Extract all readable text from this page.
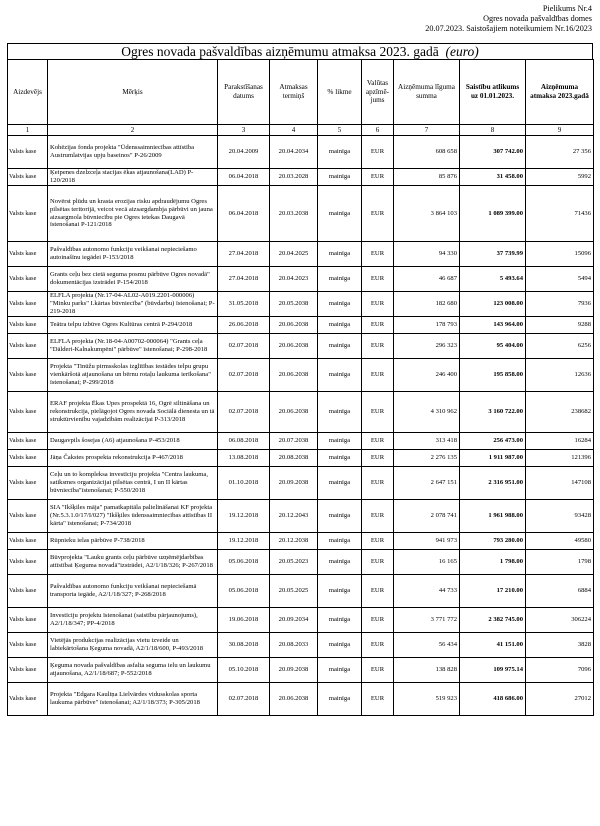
Pielikums Nr.4
Ogres novada pašvaldības domes
20.07.2023. Saistošajiem noteikumiem Nr.16/2023
Ogres novada pašvaldības aizņēmumu atmaksa 2023. gadā (euro)
Aizdevējs	Mērķis	Parakstīšanas datums	Atmaksas termiņš	% likme	Valūtas apzīmē-jums	Aizņēmuma līguma summa	Saistību atlikums uz 01.01.2023.	Aizņēmuma atmaksa 2023.gadā
1	2	3	4	5	6	7	8	9
Valsts kase	Kohēzijas fonda projekta "Ūdenssaimniecības attīstība Austrumlatvijas upju baseinos" P-26/2009	20.04.2009	20.04.2034	mainīga	EUR	608 658	307 742.00	27 356
Valsts kase	Ķeipenes dzelzceļa stacijas ēkas atjaunošana(LAD) P-120/2018	06.04.2018	20.03.2028	mainīga	EUR	85 876	31 458.00	5992
Valsts kase	Novērst plūdu un krasta erozijas risku apdraudējumu Ogres pilsētas teritorijā, veicot vecā aizsargdambja pārbūvi un jauna aizsargmola būvniecību pie Ogres ietekas Daugavā īstenošanai P-121/2018	06.04.2018	20.03.2038	mainīga	EUR	3 864 103	1 089 399.00	71436
Valsts kase	Pašvaldības autonomo funkciju veikšanai nepieciešamo autoinašīnu iegādei P-153/2018	27.04.2018	20.04.2025	mainīga	EUR	94 330	37 739.99	15096
Valsts kase	Grants ceļu bez cietā seguma posmu pārbūve Ogres novadā" dokumentācijas izstrādei P-154/2018	27.04.2018	20.04.2023	mainīga	EUR	46 687	5 493.64	5494
Valsts kase	ELFLA projekta (Nr.17-04-AL02-A019.2201-000006) "Minku parks" I.kārtas būvniecība" (būvdarbu) īstenošanai; P-219-2018	31.05.2018	20.05.2038	mainīga	EUR	182 680	123 008.00	7936
Valsts kase	Teātra telpu izbūve Ogres Kultūras centrā P-294/2018	26.06.2018	20.06.2038	mainīga	EUR	178 793	143 964.00	9288
Valsts kase	ELFLA projekta (Nr.18-04-A00702-000064) "Grants ceļa "Dālderi-Kalnakumpēni" pārbūve" īstenošanai; P-298-2018	02.07.2018	20.06.2038	mainīga	EUR	296 323	95 404.00	6256
Valsts kase	Projekta "Tinūžu pirmsskolas izglītības iestādes telpu grupu vienkāršotā atjaunošana un bērnu rotaļu laukuma ierīkošana" īstenošanai; P-299/2018	02.07.2018	20.06.2038	mainīga	EUR	246 400	195 858.00	12636
Valsts kase	ERAF projekta Ēkas Upes prospektā 16, Ogrē siltināšana un rekonstrukcija, pielāgojot Ogres novada Sociālā dienesta un tā struktūrvienību vajadzībām realizācijai P-313/2018	02.07.2018	20.06.2038	mainīga	EUR	4 310 962	3 160 722.00	238682
Valsts kase	Daugavpils šosejas (A6) atjaunošana P-453/2018	06.08.2018	20.07.2038	mainīga	EUR	313 418	256 473.00	16284
Valsts kase	Jāņa Čakstes prospekta rekonstrukcija P-467/2018	13.08.2018	20.08.2038	mainīga	EUR	2 276 135	1 911 987.00	121396
Valsts kase	Ceļu un to kompleksa investīciju projekta "Centra laukuma, satiksmes organizācijai pilsētas centrā, I un II kārtas būvniecība"īstenošanai; P-550/2018	01.10.2018	20.09.2038	mainīga	EUR	2 647 151	2 316 951.00	147108
Valsts kase	SIA "Ikšķiles māja" pamatkapitāla palielināšanai KF projekta (Nr.5.3.1.0/17/I/027) "Ikšķiles ūdenssaimniecības attīstības II kārta" īstenošanai; P-734/2018	19.12.2018	20.12.2043	mainīga	EUR	2 078 741	1 961 988.00	93428
Valsts kase	Rūpnieku ielas pārbūve P-738/2018	19.12.2018	20.12.2038	mainīga	EUR	941 973	793 280.00	49580
Valsts kase	Būvprojekta "Lauku grants ceļu pārbūve uzņēmējdarbības attīstībai Ķeguma novadā"izstrādei, A2/1/18/326; P-267/2018	05.06.2018	20.05.2023	mainīga	EUR	16 165	1 798.00	1798
Valsts kase	Pašvaldības autonomo funkciju veikšanai nepieciešamā transporta iegāde, A2/1/18/327; P-268/2018	05.06.2018	20.05.2025	mainīga	EUR	44 733	17 210.00	6884
Valsts kase	Investīciju projektu īstenošanai (saistību pārjaunojums), A2/1/18/347; PP-4/2018	19.06.2018	20.09.2034	mainīga	EUR	3 771 772	2 382 745.00	306224
Valsts kase	Vietējās produkcijas realizācijas vietu izveide un labiekārtošana Ķeguma novadā, A2/1/18/600, P-493/2018	30.08.2018	20.08.2033	mainīga	EUR	56 434	41 151.00	3828
Valsts kase	Ķeguma novada pašvaldības asfalta seguma ielu un laukumu atjaunošana, A2/1/18/687; P-552/2018	05.10.2018	20.09.2038	mainīga	EUR	138 828	109 975.14	7096
Valsts kase	Projekta "Edgara Kauliņa Lielvārdes vidusskolas sporta laukuma pārbūve" īstenošanai; A2/1/18/373; P-305/2018	02.07.2018	20.06.2038	mainīga	EUR	519 923	418 686.00	27012
